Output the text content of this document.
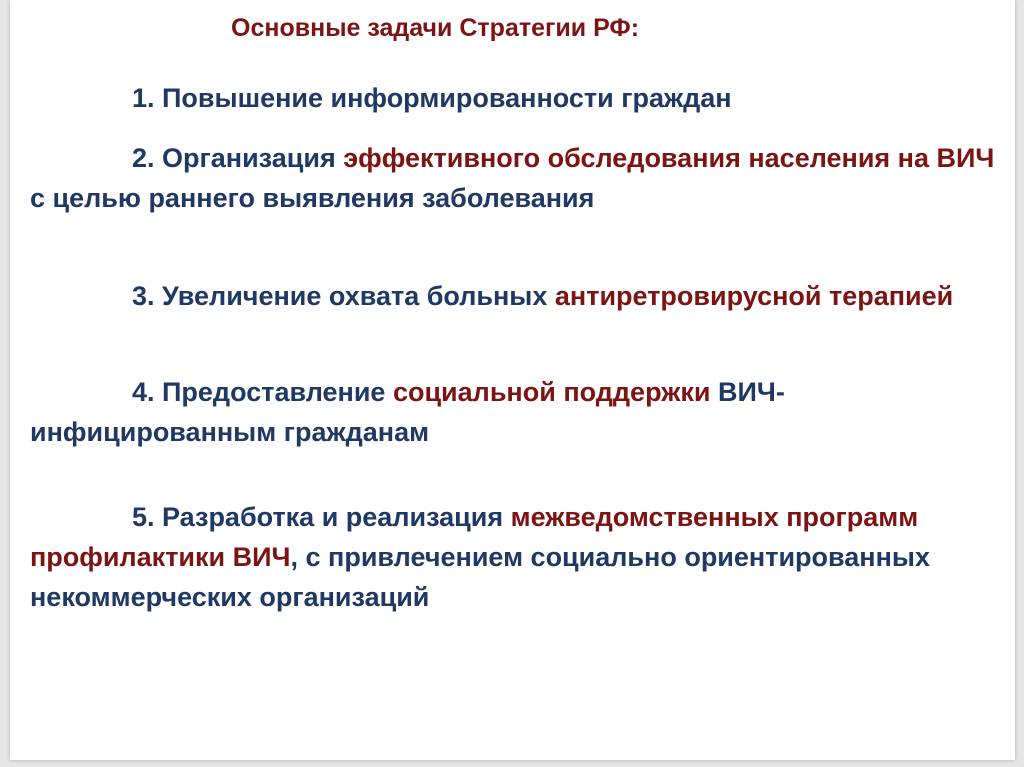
Основные задачи Стратегии РФ:

1. Повышение информированности граждан

2. Организация эффективного обследования населения на ВИЧ с целью раннего выявления заболевания

3. Увеличение охвата больных антиретровирусной терапией

4. Предоставление социальной поддержки ВИЧ-инфицированным гражданам

5. Разработка и реализация межведомственных программ профилактики ВИЧ, с привлечением социально ориентированных некоммерческих организаций
